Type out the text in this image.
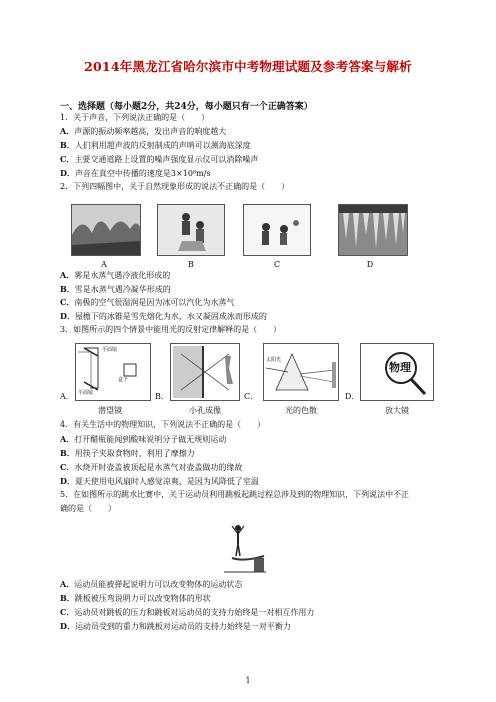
2014年黑龙江省哈尔滨市中考物理试题及参考答案与解析
一、选择题（每小题2分，共24分，每小题只有一个正确答案）
1．关于声音，下列说法正确的是（　　）
A．声源的振动频率越高，发出声音的响度越大
B．人们利用超声波的反射制成的声呐可以测海底深度
C．主要交通道路上设置的噪声强度显示仪可以消除噪声
D．声音在真空中传播的速度是3×10⁸m/s
2．下列四幅图中，关于自然现象形成的说法不正确的是（　　）
A	B	C	D
A．雾是水蒸气遇冷液化形成的
B．雪是水蒸气遇冷凝华形成的
C．南极的空气很湿润是因为冰可以汽化为水蒸气
D．屋檐下的冰锥是雪先熔化为水，水又凝固成冰而形成的
3．如图所示的四个情景中能用光的反射定律解释的是（　　）
A．
平面镜
盒子
平面镜	B．	C．
太阳光
D．
物理
潜望镜	小孔成像	光的色散	放大镜
4．有关生活中的物理知识，下列说法不正确的是（　　）
A．打开醋瓶能闻到酸味说明分子做无规则运动
B．用筷子夹取食物时，利用了摩擦力
C．水烧开时壶盖被顶起是水蒸气对壶盖做功的缘故
D．夏天使用电风扇时人感觉凉爽，是因为风降低了室温
5．在如图所示的跳水比赛中，关于运动员利用跳板起跳过程总涉及到的物理知识，下列说法中不正
确的是（　　）
A．运动员能被弹起说明力可以改变物体的运动状态
B．跳板被压弯说明力可以改变物体的形状
C．运动员对跳板的压力和跳板对运动员的支持力始终是一对相互作用力
D．运动员受到的重力和跳板对运动员的支持力始终是一对平衡力
1
